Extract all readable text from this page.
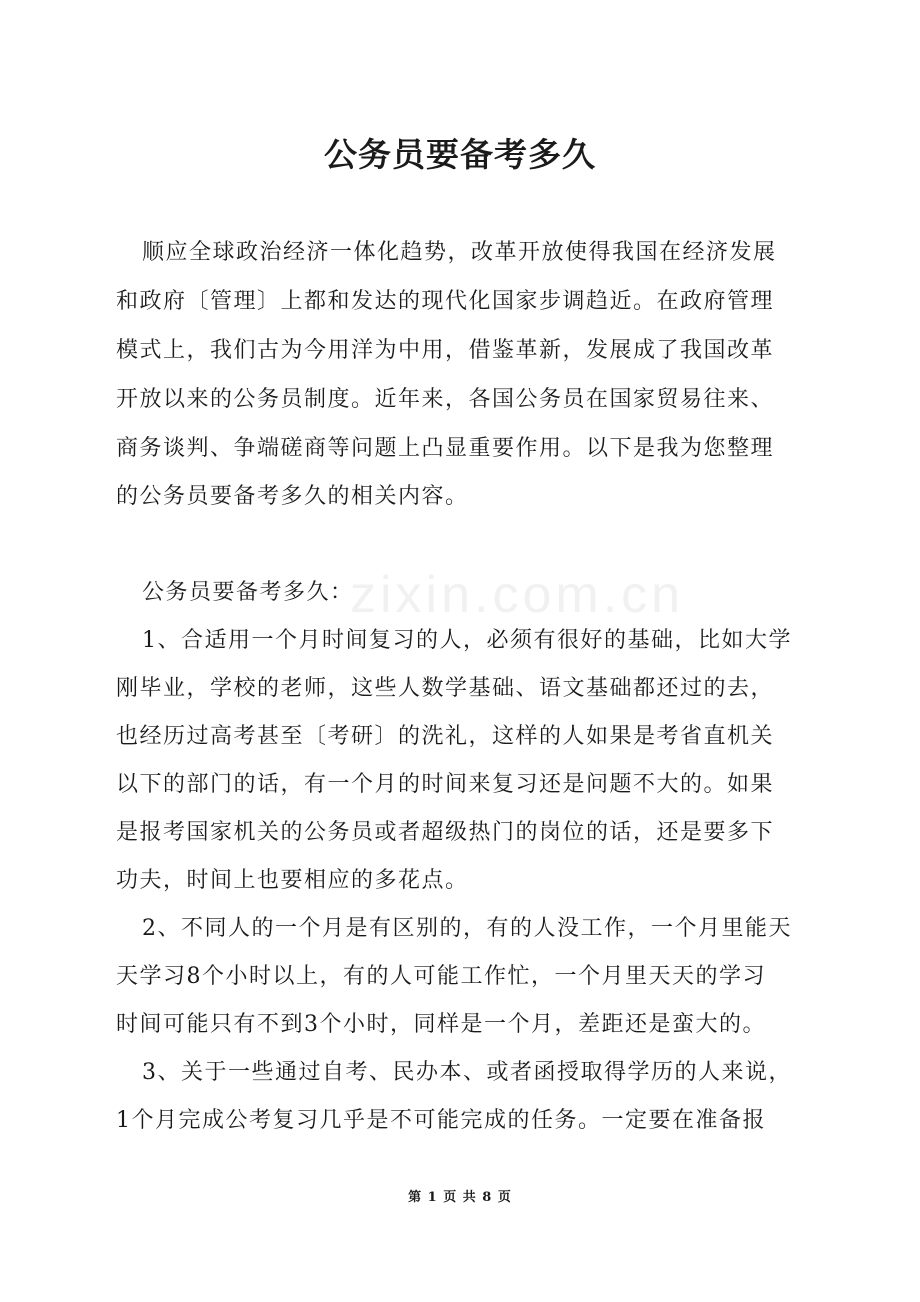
zixin.com.cn
公务员要备考多久
顺应全球政治经济一体化趋势，改革开放使得我国在经济发展
和政府〔管理〕上都和发达的现代化国家步调趋近。在政府管理
模式上，我们古为今用洋为中用，借鉴革新，发展成了我国改革
开放以来的公务员制度。近年来，各国公务员在国家贸易往来、
商务谈判、争端磋商等问题上凸显重要作用。以下是我为您整理
的公务员要备考多久的相关内容。
公务员要备考多久：
1、合适用一个月时间复习的人，必须有很好的基础，比如大学
刚毕业，学校的老师，这些人数学基础、语文基础都还过的去，
也经历过高考甚至〔考研〕的洗礼，这样的人如果是考省直机关
以下的部门的话，有一个月的时间来复习还是问题不大的。如果
是报考国家机关的公务员或者超级热门的岗位的话，还是要多下
功夫，时间上也要相应的多花点。
2、不同人的一个月是有区别的，有的人没工作，一个月里能天
天学习8个小时以上，有的人可能工作忙，一个月里天天的学习
时间可能只有不到3个小时，同样是一个月，差距还是蛮大的。
3、关于一些通过自考、民办本、或者函授取得学历的人来说，
1个月完成公考复习几乎是不可能完成的任务。一定要在准备报
第 1 页 共 8 页
